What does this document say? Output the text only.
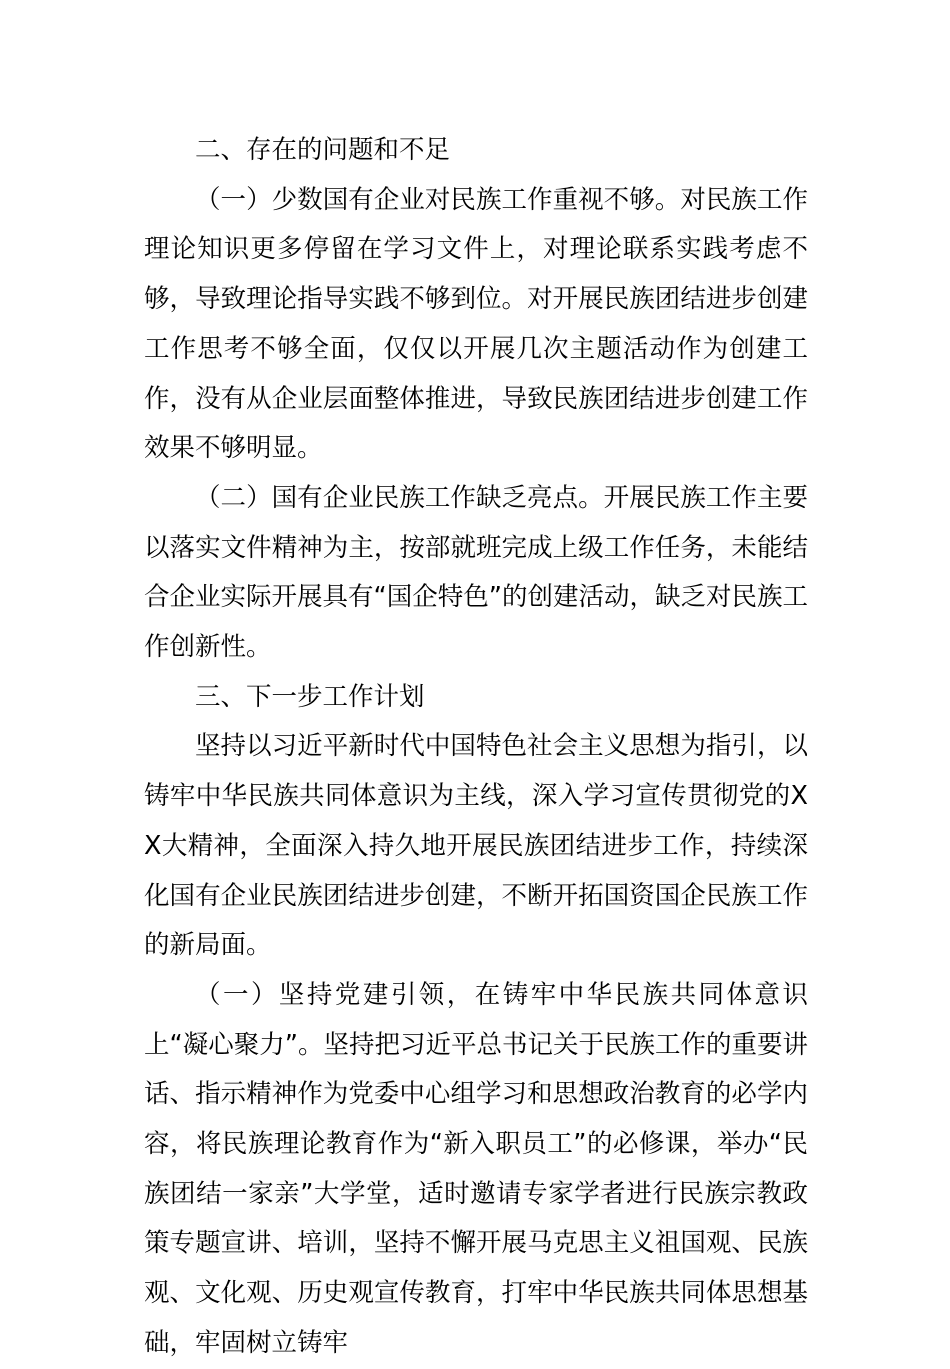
二、存在的问题和不足

（一）少数国有企业对民族工作重视不够。对民族工作理论知识更多停留在学习文件上，对理论联系实践考虑不够，导致理论指导实践不够到位。对开展民族团结进步创建工作思考不够全面，仅仅以开展几次主题活动作为创建工作，没有从企业层面整体推进，导致民族团结进步创建工作效果不够明显。

（二）国有企业民族工作缺乏亮点。开展民族工作主要以落实文件精神为主，按部就班完成上级工作任务，未能结合企业实际开展具有“国企特色”的创建活动，缺乏对民族工作创新性。

三、下一步工作计划

坚持以习近平新时代中国特色社会主义思想为指引，以铸牢中华民族共同体意识为主线，深入学习宣传贯彻党的XX大精神，全面深入持久地开展民族团结进步工作，持续深化国有企业民族团结进步创建，不断开拓国资国企民族工作的新局面。

（一）坚持党建引领，在铸牢中华民族共同体意识上“凝心聚力”。坚持把习近平总书记关于民族工作的重要讲话、指示精神作为党委中心组学习和思想政治教育的必学内容，将民族理论教育作为“新入职员工”的必修课，举办“民族团结一家亲”大学堂，适时邀请专家学者进行民族宗教政策专题宣讲、培训，坚持不懈开展马克思主义祖国观、民族观、文化观、历史观宣传教育，打牢中华民族共同体思想基础，牢固树立铸牢
